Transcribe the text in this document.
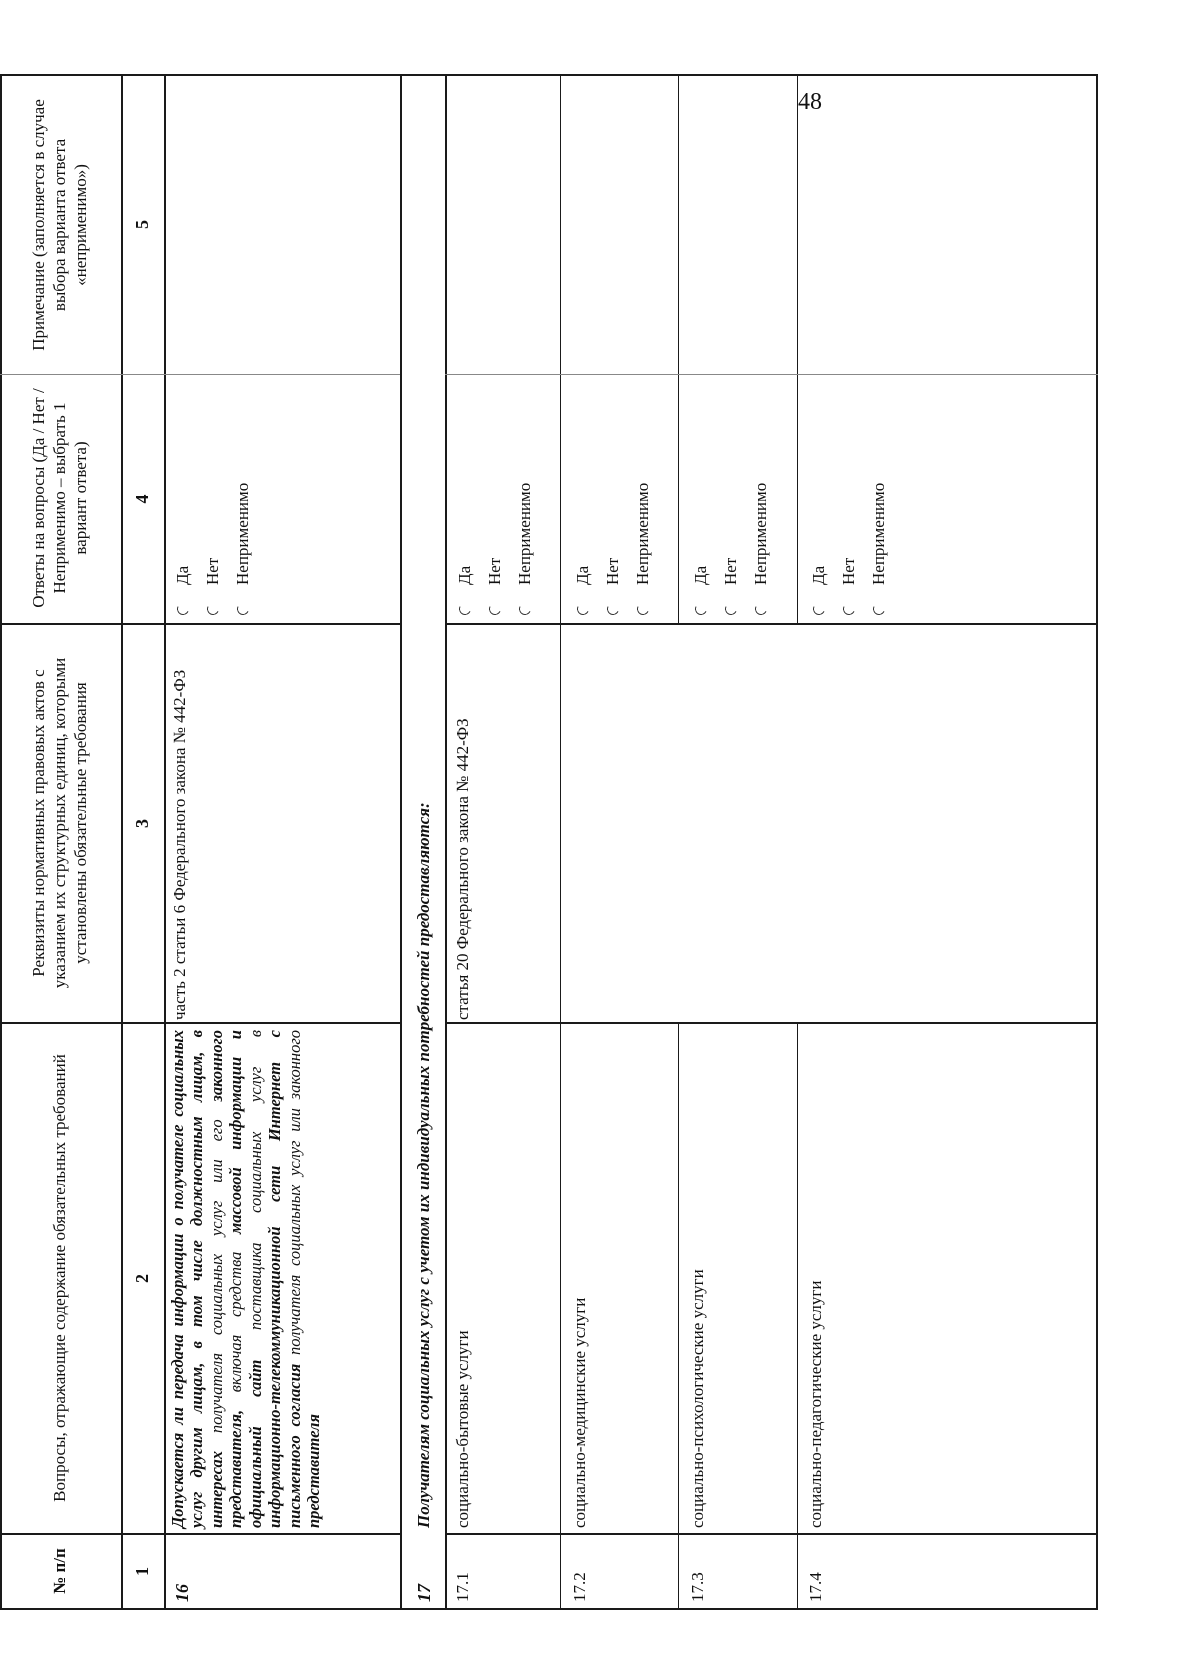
48
№ п/п
Вопросы, отражающие содержание обязательных требований
Реквизиты нормативных правовых актов с указанием их структурных единиц, которыми установлены обязательные требования
Ответы на вопросы (Да / Нет / Неприменимо – выбрать 1 вариант ответа)
Примечание (заполняется в случае выбора варианта ответа «неприменимо»)
1
2
3
4
5
16
Допускается ли передача информации о получателе социальных услуг другим лицам, в том числе должностным лицам, в интересах получателя социальных услуг или его законного представителя, включая средства массовой информации и официальный сайт поставщика социальных услуг в информационно-телекоммуникационной сети Интернет с письменного согласия получателя социальных услуг или законного представителя
часть 2 статьи 6 Федерального закона № 442-ФЗ
Да Нет Неприменимо
17
Получателям социальных услуг с учетом их индивидуальных потребностей предоставляются:
17.1
социально-бытовые услуги
статья 20 Федерального закона № 442-ФЗ
Да Нет Неприменимо
17.2
социально-медицинские услуги
Да Нет Неприменимо
17.3
социально-психологические услуги
Да Нет Неприменимо
17.4
социально-педагогические услуги
Да Нет Неприменимо
